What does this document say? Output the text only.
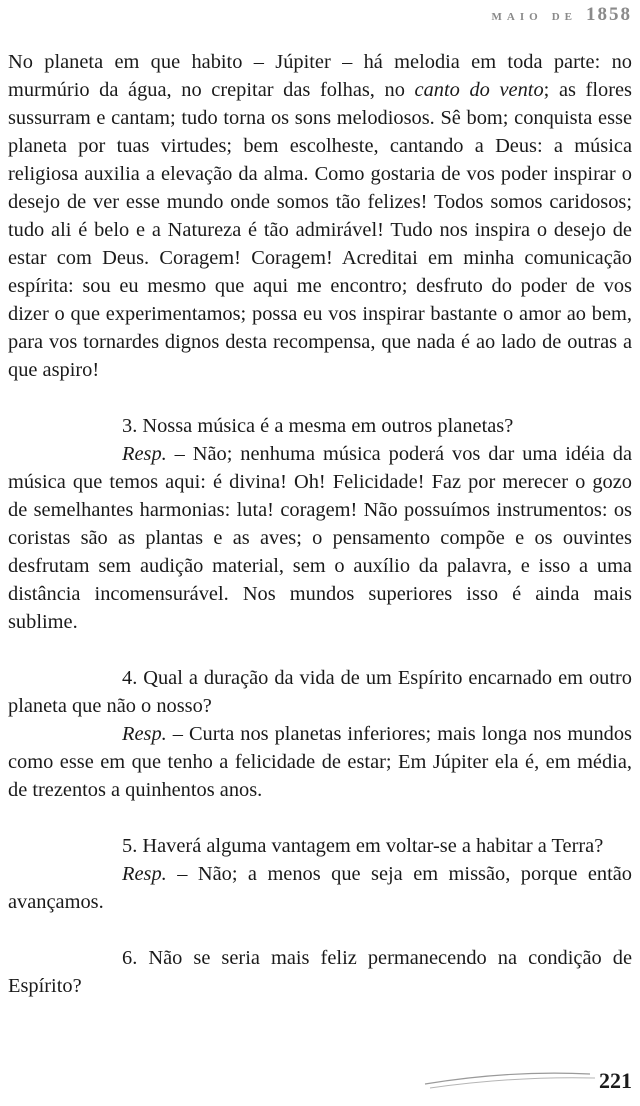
maio de 1858

No planeta em que habito – Júpiter – há melodia em toda parte: no murmúrio da água, no crepitar das folhas, no canto do vento; as flores sussurram e cantam; tudo torna os sons melodiosos. Sê bom; conquista esse planeta por tuas virtudes; bem escolheste, cantando a Deus: a música religiosa auxilia a elevação da alma. Como gostaria de vos poder inspirar o desejo de ver esse mundo onde somos tão felizes! Todos somos caridosos; tudo ali é belo e a Natureza é tão admirável! Tudo nos inspira o desejo de estar com Deus. Coragem! Coragem! Acreditai em minha comunicação espírita: sou eu mesmo que aqui me encontro; desfruto do poder de vos dizer o que experimentamos; possa eu vos inspirar bastante o amor ao bem, para vos tornardes dignos desta recompensa, que nada é ao lado de outras a que aspiro!

3. Nossa música é a mesma em outros planetas?

Resp. – Não; nenhuma música poderá vos dar uma idéia da música que temos aqui: é divina! Oh! Felicidade! Faz por merecer o gozo de semelhantes harmonias: luta! coragem! Não possuímos instrumentos: os coristas são as plantas e as aves; o pensamento compõe e os ouvintes desfrutam sem audição material, sem o auxílio da palavra, e isso a uma distância incomensurável. Nos mundos superiores isso é ainda mais sublime.

4. Qual a duração da vida de um Espírito encarnado em outro planeta que não o nosso?

Resp. – Curta nos planetas inferiores; mais longa nos mundos como esse em que tenho a felicidade de estar; Em Júpiter ela é, em média, de trezentos a quinhentos anos.

5. Haverá alguma vantagem em voltar-se a habitar a Terra?

Resp. – Não; a menos que seja em missão, porque então avançamos.

6. Não se seria mais feliz permanecendo na condição de Espírito?

221
